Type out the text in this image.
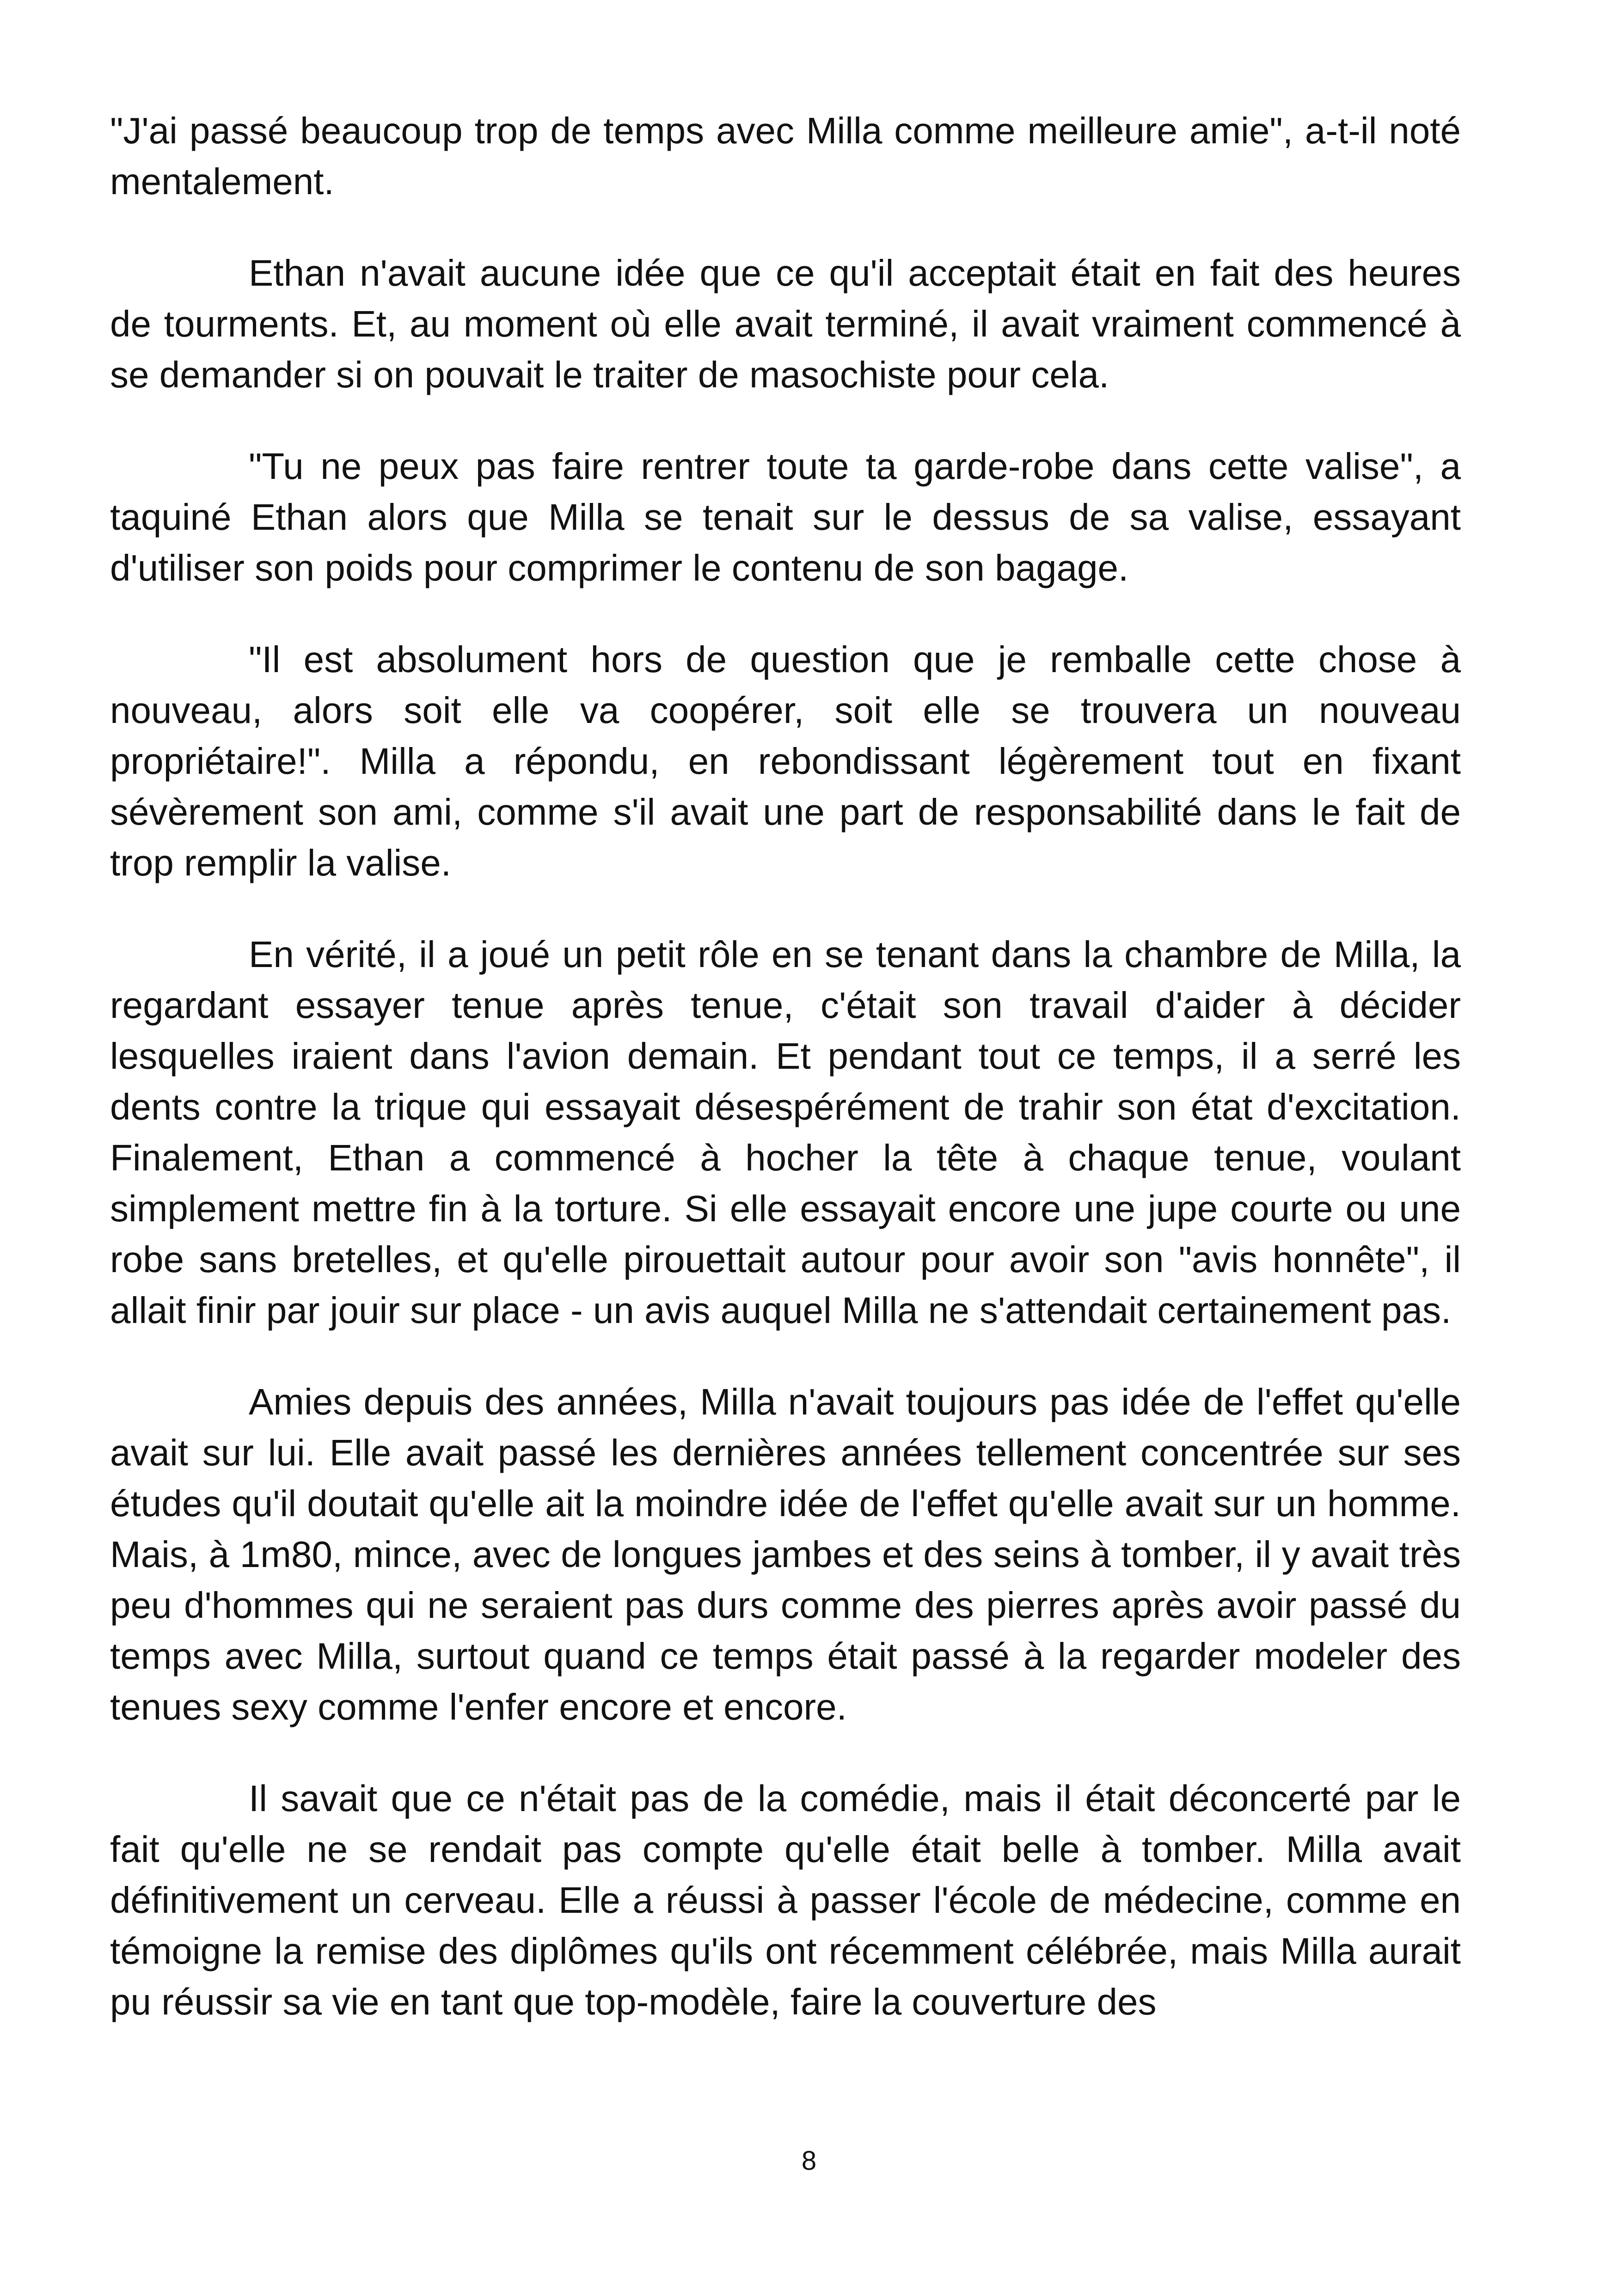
"J'ai passé beaucoup trop de temps avec Milla comme meilleure amie", a-t-il noté mentalement.

Ethan n'avait aucune idée que ce qu'il acceptait était en fait des heures de tourments. Et, au moment où elle avait terminé, il avait vraiment commencé à se demander si on pouvait le traiter de masochiste pour cela.

"Tu ne peux pas faire rentrer toute ta garde-robe dans cette valise", a taquiné Ethan alors que Milla se tenait sur le dessus de sa valise, essayant d'utiliser son poids pour comprimer le contenu de son bagage.

"Il est absolument hors de question que je remballe cette chose à nouveau, alors soit elle va coopérer, soit elle se trouvera un nouveau propriétaire!". Milla a répondu, en rebondissant légèrement tout en fixant sévèrement son ami, comme s'il avait une part de responsabilité dans le fait de trop remplir la valise.

En vérité, il a joué un petit rôle en se tenant dans la chambre de Milla, la regardant essayer tenue après tenue, c'était son travail d'aider à décider lesquelles iraient dans l'avion demain. Et pendant tout ce temps, il a serré les dents contre la trique qui essayait désespérément de trahir son état d'excitation. Finalement, Ethan a commencé à hocher la tête à chaque tenue, voulant simplement mettre fin à la torture. Si elle essayait encore une jupe courte ou une robe sans bretelles, et qu'elle pirouettait autour pour avoir son "avis honnête", il allait finir par jouir sur place - un avis auquel Milla ne s'attendait certainement pas.

Amies depuis des années, Milla n'avait toujours pas idée de l'effet qu'elle avait sur lui. Elle avait passé les dernières années tellement concentrée sur ses études qu'il doutait qu'elle ait la moindre idée de l'effet qu'elle avait sur un homme. Mais, à 1m80, mince, avec de longues jambes et des seins à tomber, il y avait très peu d'hommes qui ne seraient pas durs comme des pierres après avoir passé du temps avec Milla, surtout quand ce temps était passé à la regarder modeler des tenues sexy comme l'enfer encore et encore.

Il savait que ce n'était pas de la comédie, mais il était déconcerté par le fait qu'elle ne se rendait pas compte qu'elle était belle à tomber. Milla avait définitivement un cerveau. Elle a réussi à passer l'école de médecine, comme en témoigne la remise des diplômes qu'ils ont récemment célébrée, mais Milla aurait pu réussir sa vie en tant que top-modèle, faire la couverture des

8
